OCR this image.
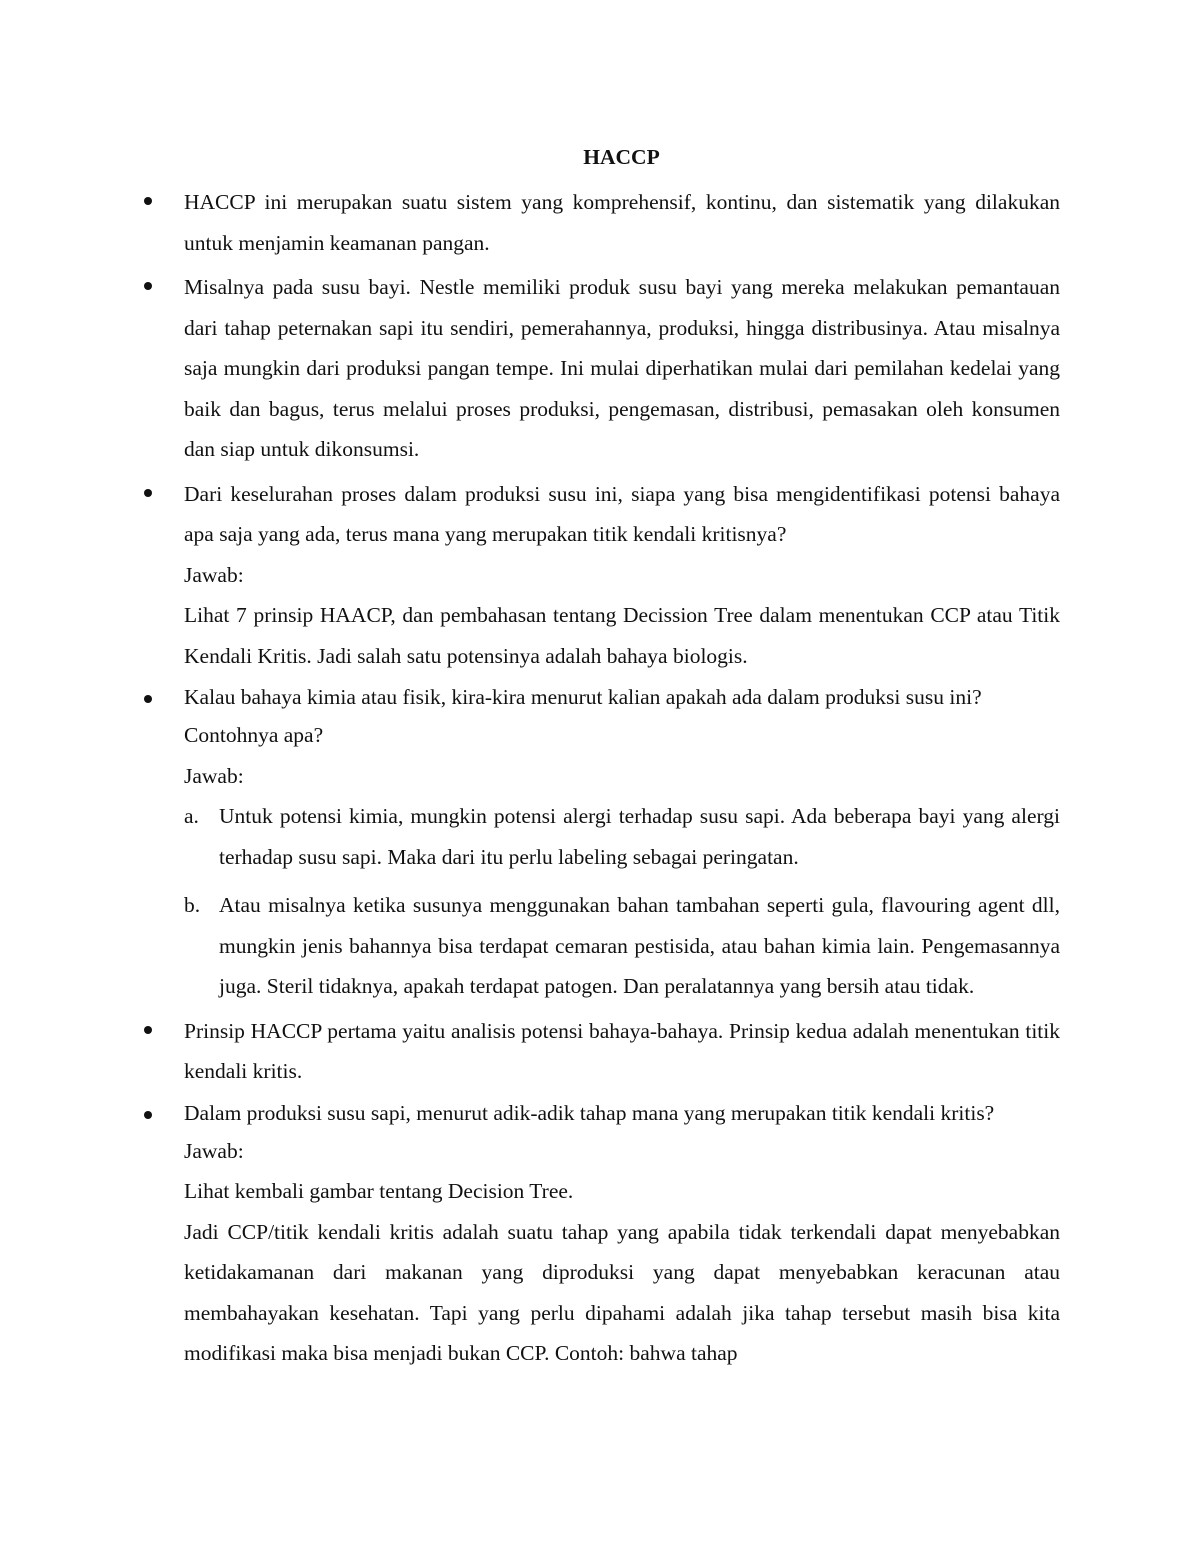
HACCP

HACCP ini merupakan suatu sistem yang komprehensif, kontinu, dan sistematik yang dilakukan untuk menjamin keamanan pangan.

Misalnya pada susu bayi. Nestle memiliki produk susu bayi yang mereka melakukan pemantauan dari tahap peternakan sapi itu sendiri, pemerahannya, produksi, hingga distribusinya. Atau misalnya saja mungkin dari produksi pangan tempe. Ini mulai diperhatikan mulai dari pemilahan kedelai yang baik dan bagus, terus melalui proses produksi, pengemasan, distribusi, pemasakan oleh konsumen dan siap untuk dikonsumsi.

Dari keselurahan proses dalam produksi susu ini, siapa yang bisa mengidentifikasi potensi bahaya apa saja yang ada, terus mana yang merupakan titik kendali kritisnya?

Jawab:

Lihat 7 prinsip HAACP, dan pembahasan tentang Decission Tree dalam menentukan CCP atau Titik Kendali Kritis. Jadi salah satu potensinya adalah bahaya biologis.

Kalau bahaya kimia atau fisik, kira-kira menurut kalian apakah ada dalam produksi susu ini?

Contohnya apa?

Jawab:

a. Untuk potensi kimia, mungkin potensi alergi terhadap susu sapi. Ada beberapa bayi yang alergi terhadap susu sapi. Maka dari itu perlu labeling sebagai peringatan.

b. Atau misalnya ketika susunya menggunakan bahan tambahan seperti gula, flavouring agent dll, mungkin jenis bahannya bisa terdapat cemaran pestisida, atau bahan kimia lain. Pengemasannya juga. Steril tidaknya, apakah terdapat patogen. Dan peralatannya yang bersih atau tidak.

Prinsip HACCP pertama yaitu analisis potensi bahaya-bahaya. Prinsip kedua adalah menentukan titik kendali kritis.

Dalam produksi susu sapi, menurut adik-adik tahap mana yang merupakan titik kendali kritis?

Jawab:

Lihat kembali gambar tentang Decision Tree.

Jadi CCP/titik kendali kritis adalah suatu tahap yang apabila tidak terkendali dapat menyebabkan ketidakamanan dari makanan yang diproduksi yang dapat menyebabkan keracunan atau membahayakan kesehatan. Tapi yang perlu dipahami adalah jika tahap tersebut masih bisa kita modifikasi maka bisa menjadi bukan CCP. Contoh: bahwa tahap
